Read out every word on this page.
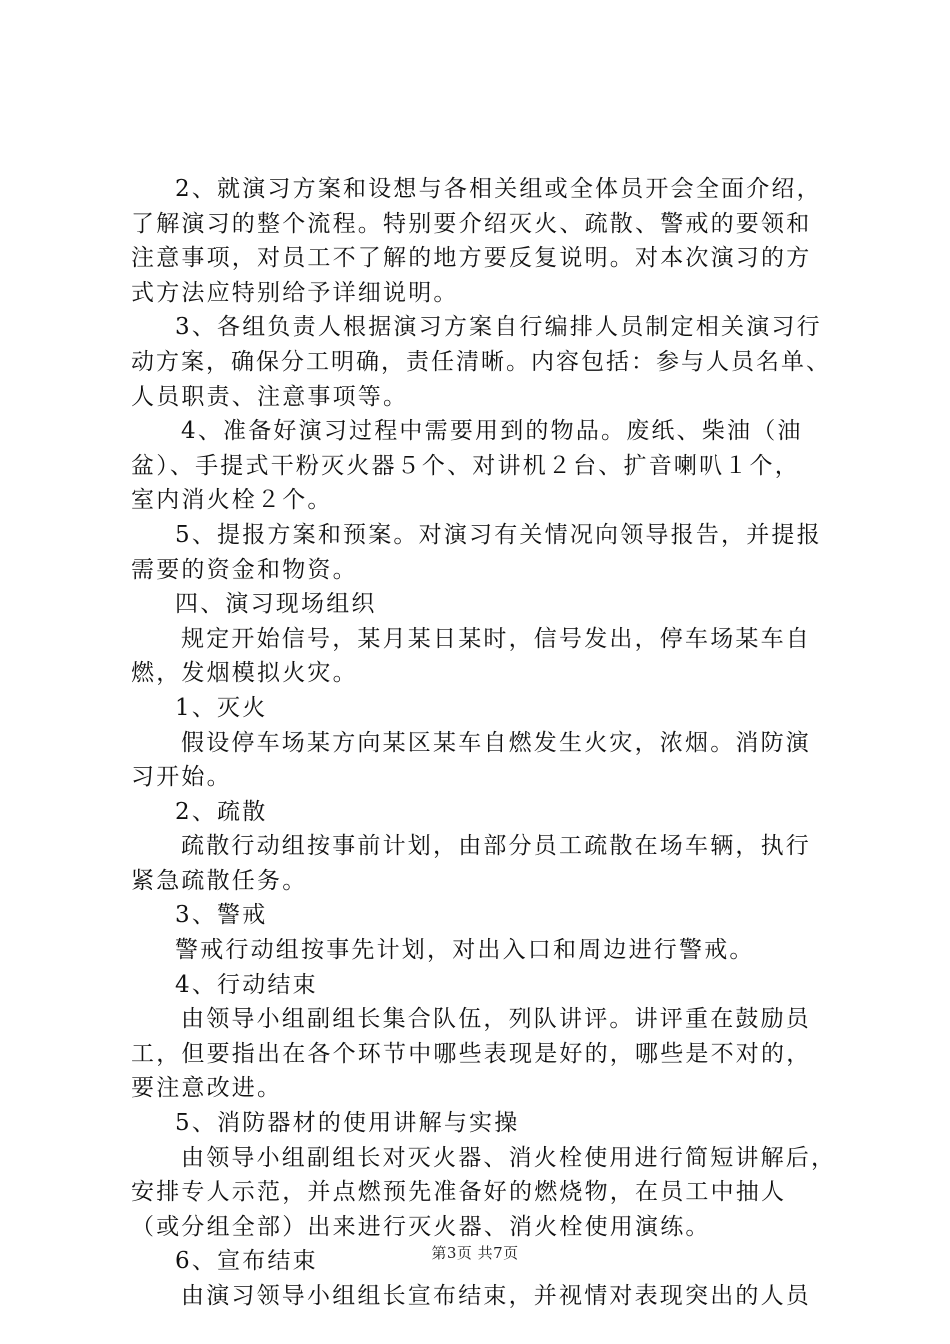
2、就演习方案和设想与各相关组或全体员开会全面介绍，
了解演习的整个流程。特别要介绍灭火、疏散、警戒的要领和
注意事项，对员工不了解的地方要反复说明。对本次演习的方
式方法应特别给予详细说明。
3、各组负责人根据演习方案自行编排人员制定相关演习行
动方案，确保分工明确，责任清晰。内容包括：参与人员名单、
人员职责、注意事项等。
4、准备好演习过程中需要用到的物品。废纸、柴油（油
盆）、手提式干粉灭火器５个、对讲机２台、扩音喇叭１个，
室内消火栓２个。
5、提报方案和预案。对演习有关情况向领导报告，并提报
需要的资金和物资。
四、演习现场组织
规定开始信号，某月某日某时，信号发出，停车场某车自
燃，发烟模拟火灾。
1、灭火
假设停车场某方向某区某车自燃发生火灾，浓烟。消防演
习开始。
2、疏散
疏散行动组按事前计划，由部分员工疏散在场车辆，执行
紧急疏散任务。
3、警戒
警戒行动组按事先计划，对出入口和周边进行警戒。
4、行动结束
由领导小组副组长集合队伍，列队讲评。讲评重在鼓励员
工，但要指出在各个环节中哪些表现是好的，哪些是不对的，
要注意改进。
5、消防器材的使用讲解与实操
由领导小组副组长对灭火器、消火栓使用进行简短讲解后，
安排专人示范，并点燃预先准备好的燃烧物，在员工中抽人
（或分组全部）出来进行灭火器、消火栓使用演练。
6、宣布结束
由演习领导小组组长宣布结束，并视情对表现突出的人员
第3页 共7页
